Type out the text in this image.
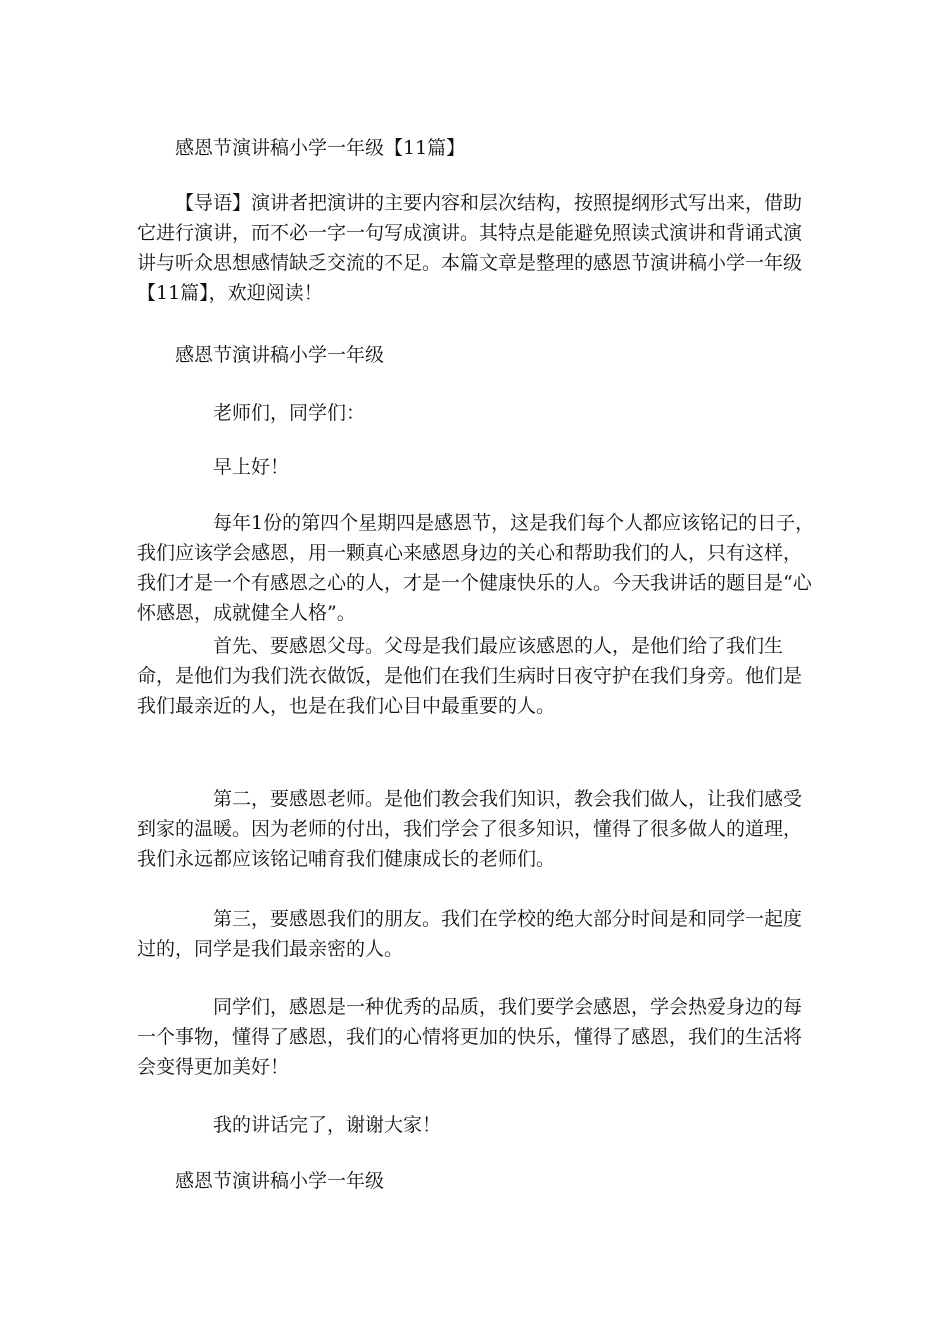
感恩节演讲稿小学一年级【11篇】

【导语】演讲者把演讲的主要内容和层次结构，按照提纲形式写出来，借助它进行演讲，而不必一字一句写成演讲。其特点是能避免照读式演讲和背诵式演讲与听众思想感情缺乏交流的不足。本篇文章是整理的感恩节演讲稿小学一年级【11篇】，欢迎阅读！

感恩节演讲稿小学一年级

老师们，同学们：

早上好！

每年1份的第四个星期四是感恩节，这是我们每个人都应该铭记的日子，我们应该学会感恩，用一颗真心来感恩身边的关心和帮助我们的人，只有这样，我们才是一个有感恩之心的人，才是一个健康快乐的人。今天我讲话的题目是“心怀感恩，成就健全人格”。

首先、要感恩父母。父母是我们最应该感恩的人，是他们给了我们生命，是他们为我们洗衣做饭，是他们在我们生病时日夜守护在我们身旁。他们是我们最亲近的人，也是在我们心目中最重要的人。

第二，要感恩老师。是他们教会我们知识，教会我们做人，让我们感受到家的温暖。因为老师的付出，我们学会了很多知识，懂得了很多做人的道理，我们永远都应该铭记哺育我们健康成长的老师们。

第三，要感恩我们的朋友。我们在学校的绝大部分时间是和同学一起度过的，同学是我们最亲密的人。

同学们，感恩是一种优秀的品质，我们要学会感恩，学会热爱身边的每一个事物，懂得了感恩，我们的心情将更加的快乐，懂得了感恩，我们的生活将会变得更加美好！

我的讲话完了，谢谢大家！

感恩节演讲稿小学一年级
